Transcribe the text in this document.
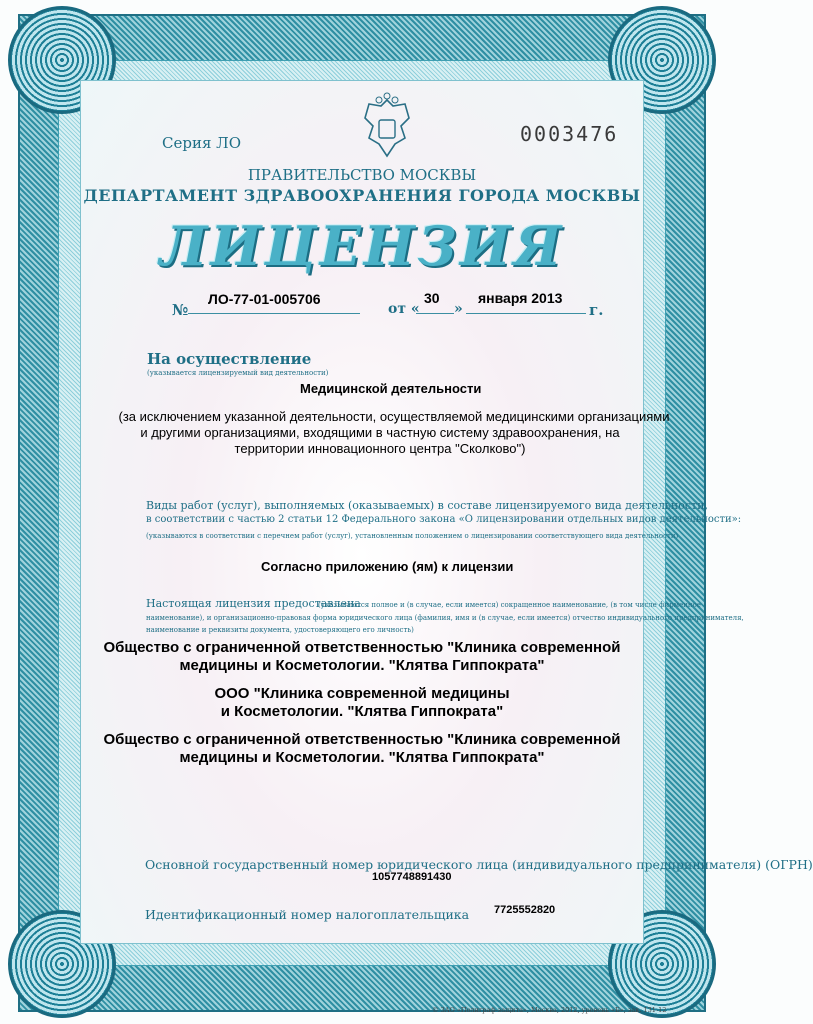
Серия ЛО	0003476
ПРАВИТЕЛЬСТВО МОСКВЫ
ДЕПАРТАМЕНТ ЗДРАВООХРАНЕНИЯ ГОРОДА МОСКВЫ
ЛИЦЕНЗИЯ
№
ЛО-77-01-005706
от « »
30	января 2013
г.
На осуществление
(указывается лицензируемый вид деятельности)
Медицинской деятельности
(за исключением указанной деятельности, осуществляемой медицинскими организациями
и другими организациями, входящими в частную систему здравоохранения, на
территории инновационного центра "Сколково")
Виды работ (услуг), выполняемых (оказываемых) в составе лицензируемого вида деятельности,
в соответствии с частью 2 статьи 12 Федерального закона «О лицензировании отдельных видов деятельности»:
(указываются в соответствии с перечнем работ (услуг), установленным положением о лицензировании соответствующего вида деятельности)
Согласно приложению (ям) к лицензии
Настоящая лицензия предоставлена
(указываются полное и (в случае, если имеется) сокращенное наименование, (в том числе фирменное
наименование), и организационно-правовая форма юридического лица (фамилия, имя и (в случае, если имеется) отчество индивидуального предпринимателя,
наименование и реквизиты документа, удостоверяющего его личность)
Общество с ограниченной ответственностью "Клиника современной
медицины и Косметологии. "Клятва Гиппократа"
ООО "Клиника современной медицины
и Косметологии. "Клятва Гиппократа"
Общество с ограниченной ответственностью "Клиника современной
медицины и Косметологии. "Клятва Гиппократа"
Основной государственный номер юридического лица (индивидуального предпринимателя) (ОГРН)
1057748891430
Идентификационный номер налогоплательщика 7725552820
© ЗАО «Полиграф-защита», Москва, 2012, уровень «Б», зак. 131-12
